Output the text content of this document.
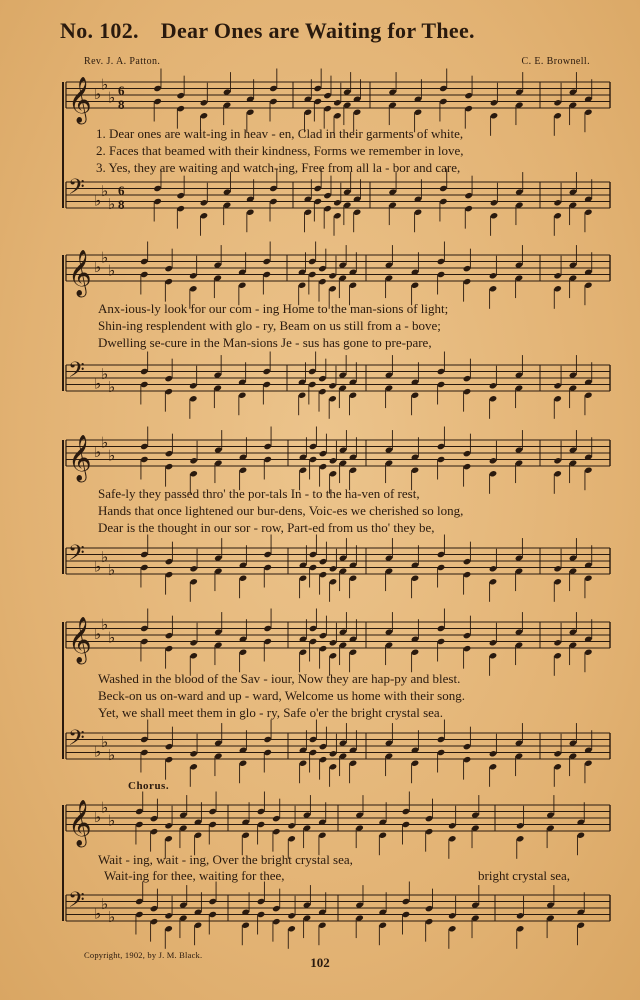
No. 102. Dear Ones are Waiting for Thee.
Rev. J. A. Patton.	C. E. Brownell.
𝄞 ♭
♭
♭ 6
8
𝄢 ♭
♭
♭
6
8
𝄞 ♭
♭
♭
𝄢 ♭
♭
♭
𝄞 ♭
♭
♭
𝄢 ♭
♭
♭
𝄞 ♭
♭
♭
𝄢 ♭
♭
♭
𝄞 ♭
♭
♭
𝄢 ♭
♭
♭
1. Dear ones are wait-ing in heav - en, Clad in their garments of white,
2. Faces that beamed with their kindness, Forms we remember in love,
3. Yes, they are waiting and watch-ing, Free from all la - bor and care,
Anx-ious-ly look for our com - ing Home to the man-sions of light;
Shin-ing resplendent with glo - ry, Beam on us still from a - bove;
Dwelling se-cure in the Man-sions Je - sus has gone to pre-pare,
Safe-ly they passed thro' the por-tals In - to the ha-ven of rest,
Hands that once lightened our bur-dens, Voic-es we cherished so long,
Dear is the thought in our sor - row, Part-ed from us tho' they be,
Washed in the blood of the Sav - iour, Now they are hap-py and blest.
Beck-on us on-ward and up - ward, Welcome us home with their song.
Yet, we shall meet them in glo - ry, Safe o'er the bright crystal sea.
Chorus.
Wait - ing, wait - ing, Over the bright crystal sea,
Wait-ing for thee, waiting for thee,	bright crystal sea,
Copyright, 1902, by J. M. Black.	102
